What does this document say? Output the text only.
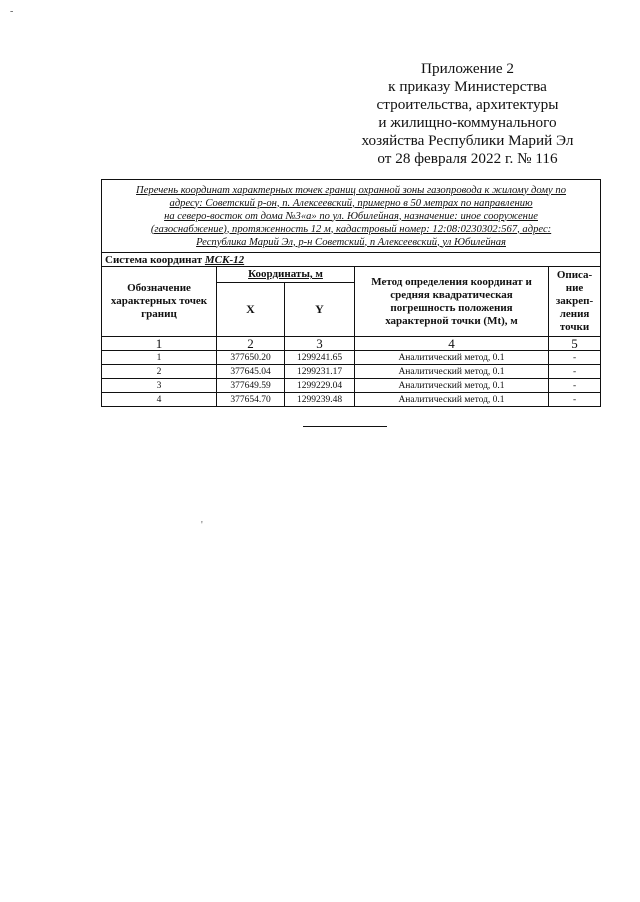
-
'
Приложение 2
к приказу Министерства
строительства, архитектуры
и жилищно-коммунального
хозяйства Республики Марий Эл
от 28 февраля 2022 г. № 116
Перечень координат характерных точек границ охранной зоны газопровода к жилому дому по
адресу: Советский р-он, п. Алексеевский, примерно в 50 метрах по направлению
на северо-восток от дома №3«а» по ул. Юбилейная, назначение: иное сооружение
(газоснабжение), протяженность 12 м, кадастровый номер: 12:08:0230302:567, адрес:
Республика Марий Эл, р-н Советский, п Алексеевский, ул Юбилейная				

Система координат МСК-12				
Обозначение характерных точек границ	Координаты, м		Метод определения координат и средняя квадратическая погрешность положения характерной точки (Mt), м	Описа-ние закреп-ления точки
	X	Y		
1	2	3	4	5
1	377650.20	1299241.65	Аналитический метод, 0.1	-
2	377645.04	1299231.17	Аналитический метод, 0.1	-
3	377649.59	1299229.04	Аналитический метод, 0.1	-
4	377654.70	1299239.48	Аналитический метод, 0.1	-
